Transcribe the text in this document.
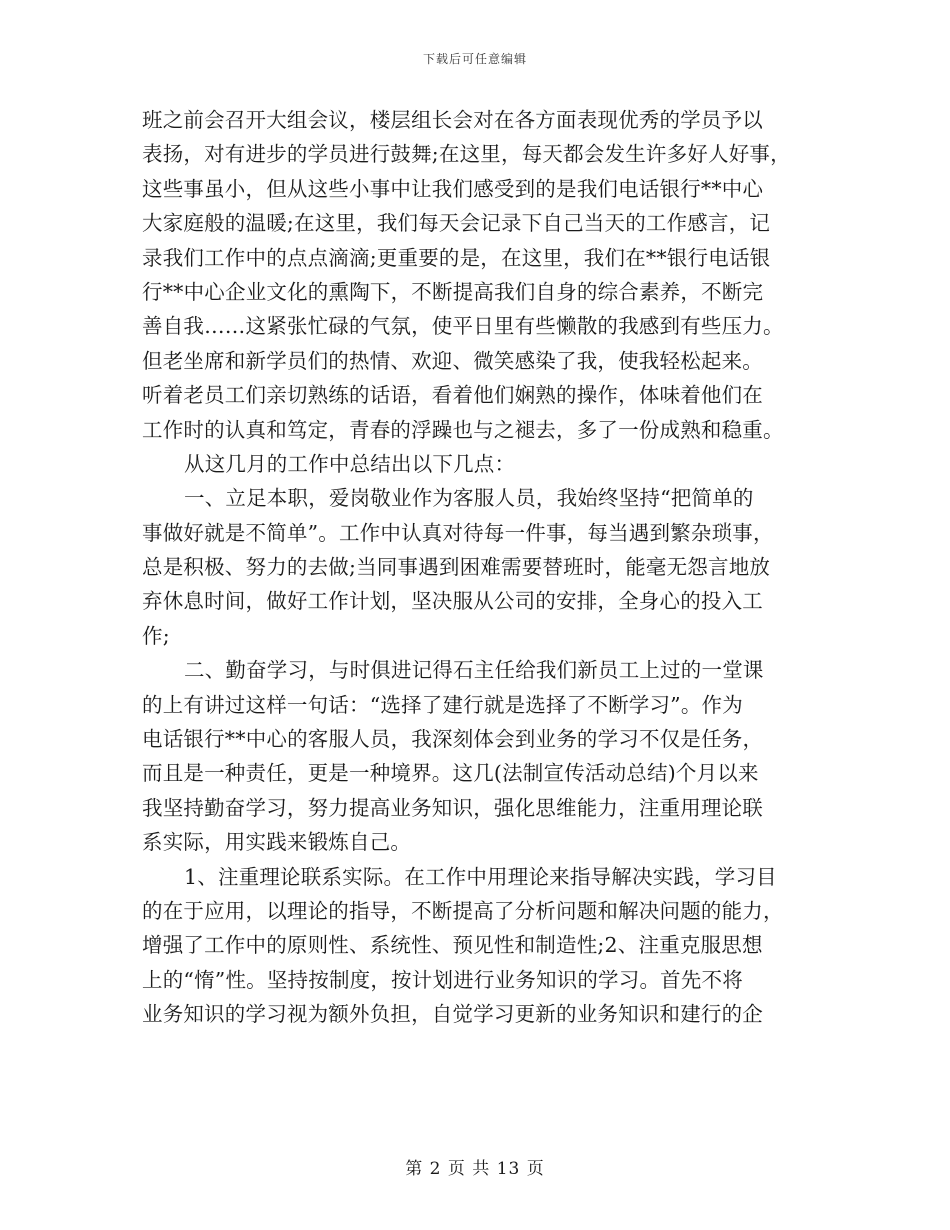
下载后可任意编辑
班之前会召开大组会议，楼层组长会对在各方面表现优秀的学员予以
表扬，对有进步的学员进行鼓舞;在这里，每天都会发生许多好人好事，
这些事虽小，但从这些小事中让我们感受到的是我们电话银行**中心
大家庭般的温暖;在这里，我们每天会记录下自己当天的工作感言，记
录我们工作中的点点滴滴;更重要的是，在这里，我们在**银行电话银
行**中心企业文化的熏陶下，不断提高我们自身的综合素养，不断完
善自我……这紧张忙碌的气氛，使平日里有些懒散的我感到有些压力。
但老坐席和新学员们的热情、欢迎、微笑感染了我，使我轻松起来。
听着老员工们亲切熟练的话语，看着他们娴熟的操作，体味着他们在
工作时的认真和笃定，青春的浮躁也与之褪去，多了一份成熟和稳重。
从这几月的工作中总结出以下几点：
一、立足本职，爱岗敬业作为客服人员，我始终坚持“把简单的
事做好就是不简单”。工作中认真对待每一件事，每当遇到繁杂琐事，
总是积极、努力的去做;当同事遇到困难需要替班时，能毫无怨言地放
弃休息时间，做好工作计划，坚决服从公司的安排，全身心的投入工
作;
二、勤奋学习，与时俱进记得石主任给我们新员工上过的一堂课
的上有讲过这样一句话：“选择了建行就是选择了不断学习”。作为
电话银行**中心的客服人员，我深刻体会到业务的学习不仅是任务，
而且是一种责任，更是一种境界。这几(法制宣传活动总结)个月以来
我坚持勤奋学习，努力提高业务知识，强化思维能力，注重用理论联
系实际，用实践来锻炼自己。
1、注重理论联系实际。在工作中用理论来指导解决实践，学习目
的在于应用，以理论的指导，不断提高了分析问题和解决问题的能力，
增强了工作中的原则性、系统性、预见性和制造性;2、注重克服思想
上的“惰”性。坚持按制度，按计划进行业务知识的学习。首先不将
业务知识的学习视为额外负担，自觉学习更新的业务知识和建行的企
第 2 页 共 13 页
